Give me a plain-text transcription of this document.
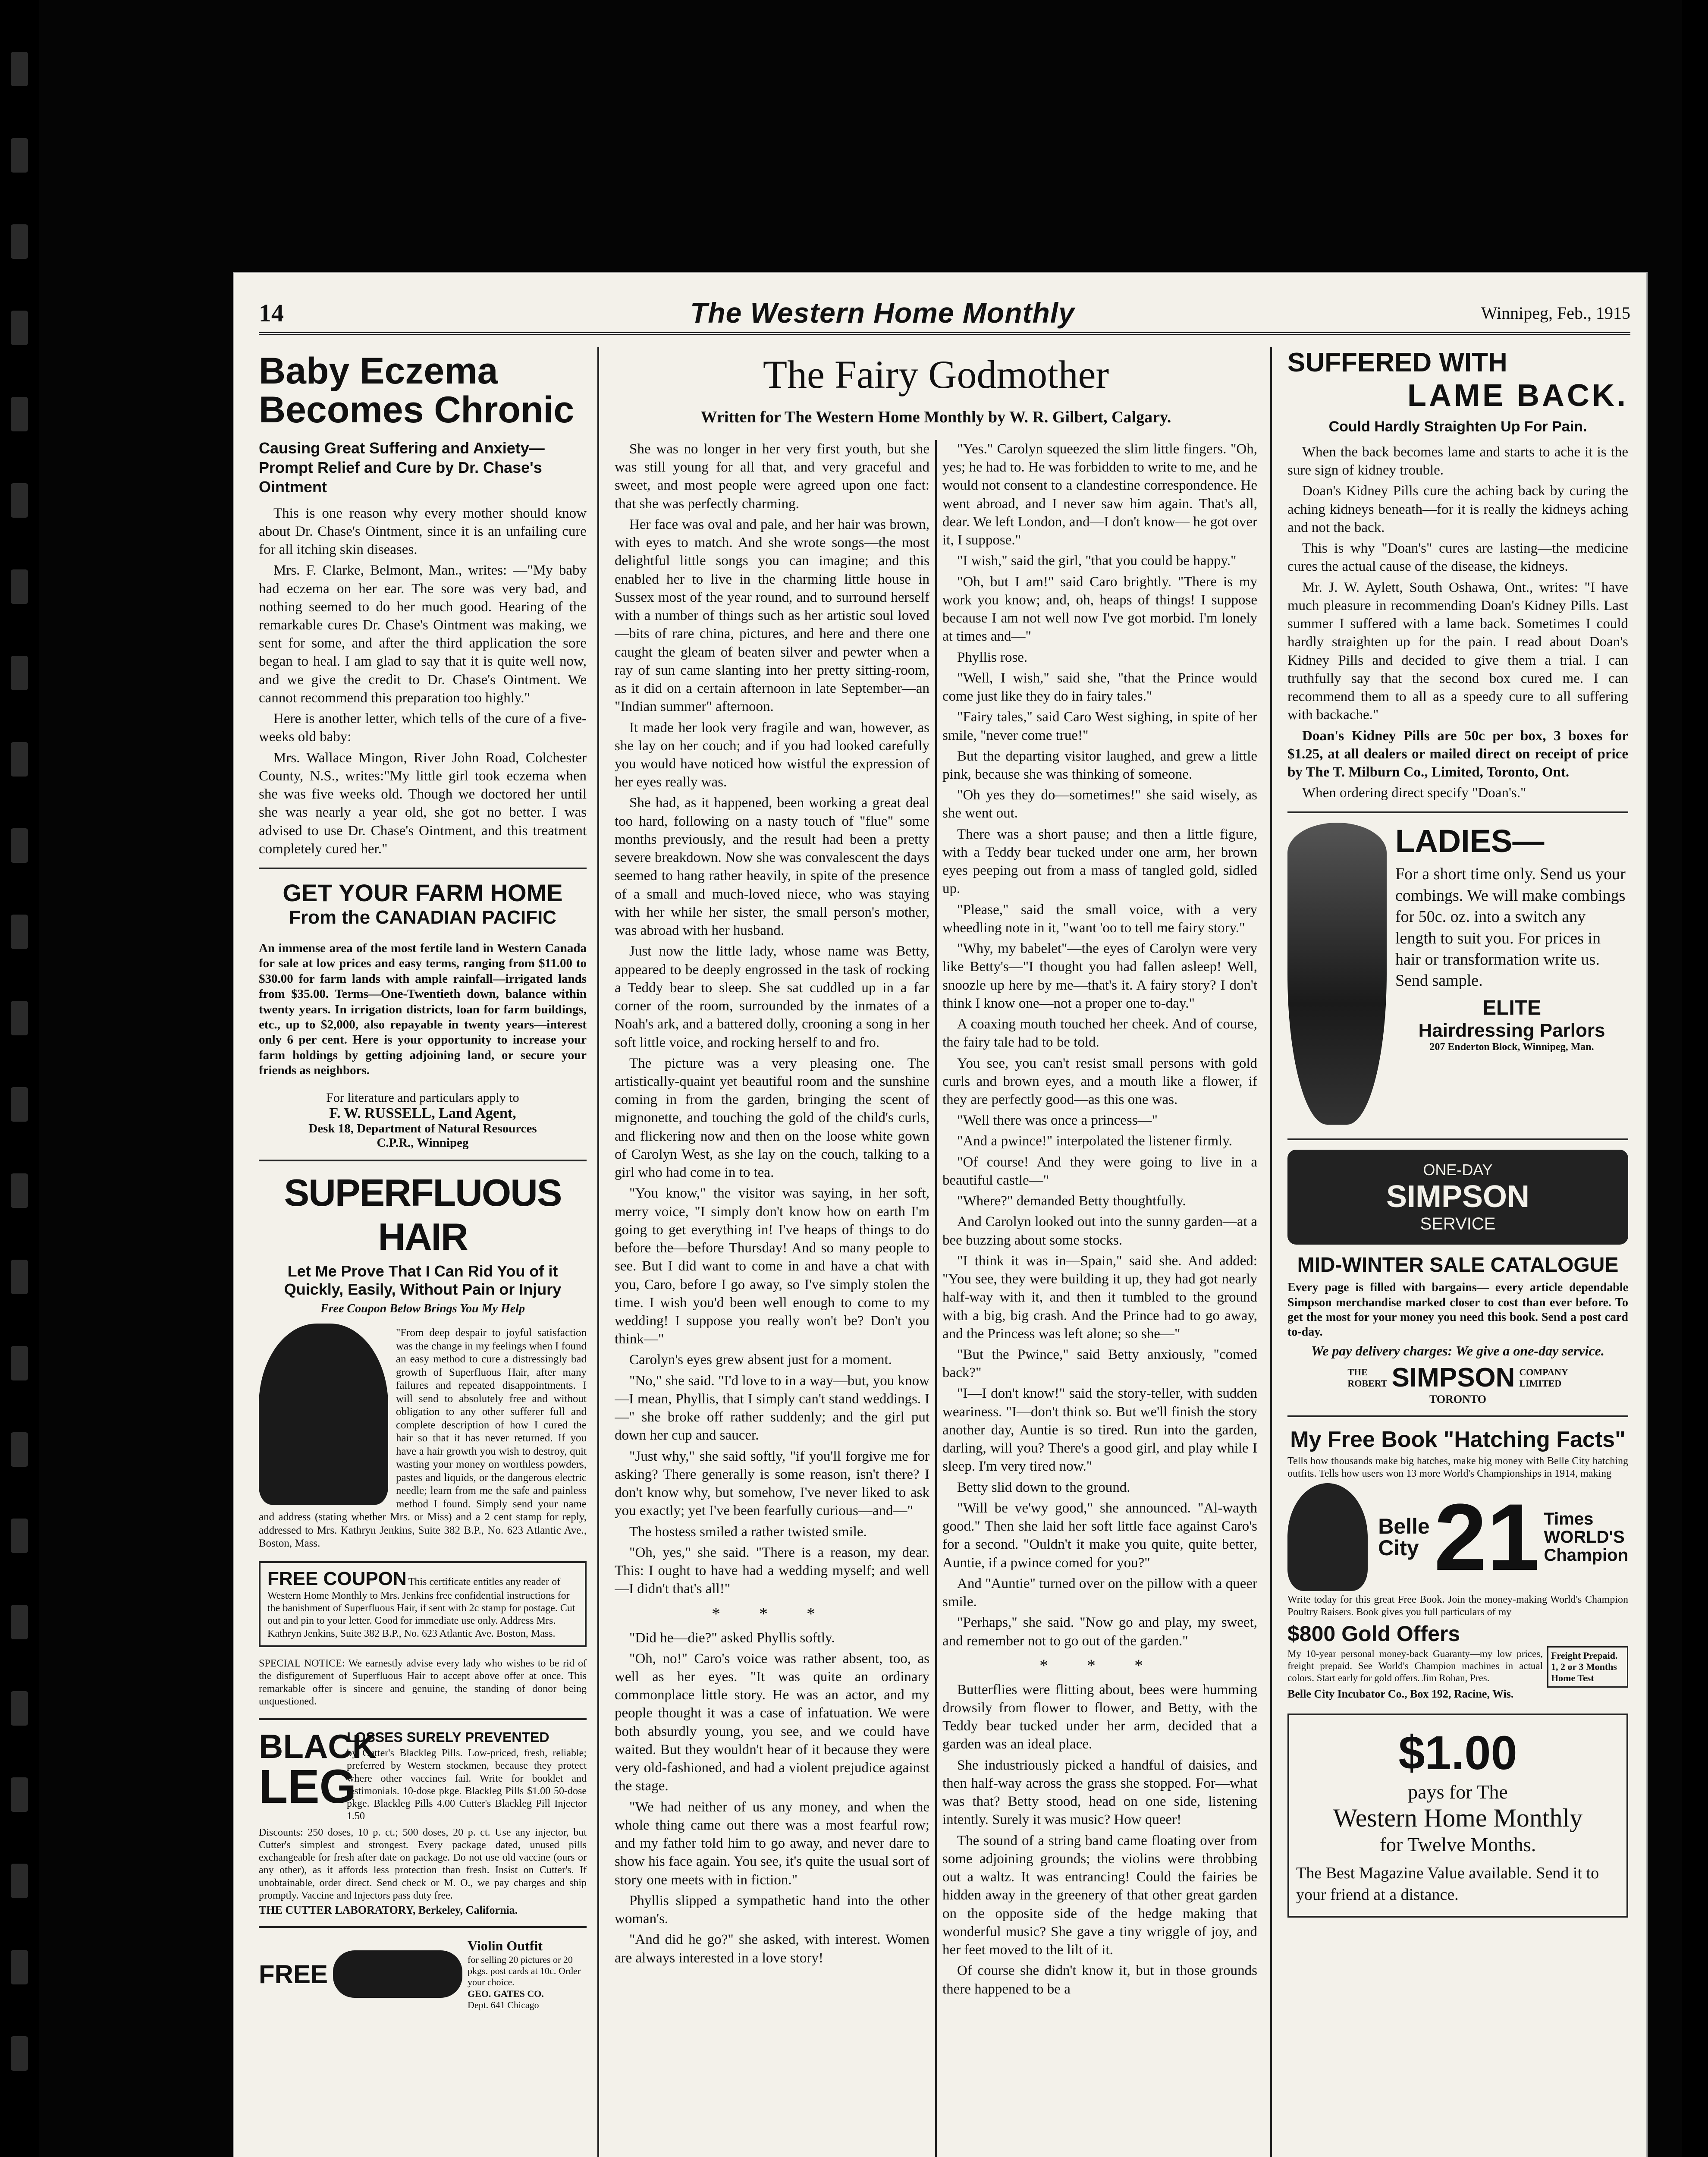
14	The Western Home Monthly	Winnipeg, Feb., 1915
Baby Eczema Becomes Chronic
Causing Great Suffering and Anxiety—Prompt Relief and Cure by Dr. Chase's Ointment

This is one reason why every mother should know about Dr. Chase's Ointment, since it is an unfailing cure for all itching skin diseases.

Mrs. F. Clarke, Belmont, Man., writes: —"My baby had eczema on her ear. The sore was very bad, and nothing seemed to do her much good. Hearing of the remarkable cures Dr. Chase's Ointment was making, we sent for some, and after the third application the sore began to heal. I am glad to say that it is quite well now, and we give the credit to Dr. Chase's Ointment. We cannot recommend this preparation too highly."

Here is another letter, which tells of the cure of a five-weeks old baby:

Mrs. Wallace Mingon, River John Road, Colchester County, N.S., writes:"My little girl took eczema when she was five weeks old. Though we doctored her until she was nearly a year old, she got no better. I was advised to use Dr. Chase's Ointment, and this treatment completely cured her."

GET YOUR FARM HOME
From the CANADIAN PACIFIC

An immense area of the most fertile land in Western Canada for sale at low prices and easy terms, ranging from $11.00 to $30.00 for farm lands with ample rainfall—irrigated lands from $35.00. Terms—One-Twentieth down, balance within twenty years. In irrigation districts, loan for farm buildings, etc., up to $2,000, also repayable in twenty years—interest only 6 per cent. Here is your opportunity to increase your farm holdings by getting adjoining land, or secure your friends as neighbors.

For literature and particulars apply to
F. W. RUSSELL, Land Agent,
Desk 18, Department of Natural Resources
C.P.R., Winnipeg
SUPERFLUOUS HAIR
Let Me Prove That I Can Rid You of it Quickly, Easily, Without Pain or Injury
Free Coupon Below Brings You My Help

"From deep despair to joyful satisfaction was the change in my feelings when I found an easy method to cure a distressingly bad growth of Superfluous Hair, after many failures and repeated disappointments. I will send to absolutely free and without obligation to any other sufferer full and complete description of how I cured the hair so that it has never returned. If you have a hair growth you wish to destroy, quit wasting your money on worthless powders, pastes and liquids, or the dangerous electric needle; learn from me the safe and painless method I found. Simply send your name and address (stating whether Mrs. or Miss) and a 2 cent stamp for reply, addressed to Mrs. Kathryn Jenkins, Suite 382 B.P., No. 623 Atlantic Ave., Boston, Mass.

FREE COUPON This certificate entitles any reader of Western Home Monthly to Mrs. Jenkins free confidential instructions for the banishment of Superfluous Hair, if sent with 2c stamp for postage. Cut out and pin to your letter. Good for immediate use only. Address Mrs. Kathryn Jenkins, Suite 382 B.P., No. 623 Atlantic Ave. Boston, Mass.

SPECIAL NOTICE: We earnestly advise every lady who wishes to be rid of the disfigurement of Superfluous Hair to accept above offer at once. This remarkable offer is sincere and genuine, the standing of donor being unquestioned.

BLACK
LEG
LOSSES SURELY PREVENTED

by Cutter's Blackleg Pills. Low-priced, fresh, reliable; preferred by Western stockmen, because they protect where other vaccines fail. Write for booklet and testimonials. 10-dose pkge. Blackleg Pills $1.00 50-dose pkge. Blackleg Pills 4.00 Cutter's Blackleg Pill Injector 1.50

Discounts: 250 doses, 10 p. ct.; 500 doses, 20 p. ct. Use any injector, but Cutter's simplest and strongest. Every package dated, unused pills exchangeable for fresh after date on package. Do not use old vaccine (ours or any other), as it affords less protection than fresh. Insist on Cutter's. If unobtainable, order direct. Send check or M. O., we pay charges and ship promptly. Vaccine and Injectors pass duty free.

THE CUTTER LABORATORY, Berkeley, California.
FREE
Violin Outfit
for selling 20 pictures or 20 pkgs. post cards at 10c. Order your choice.
GEO. GATES CO.
Dept. 641 Chicago
The Fairy Godmother
Written for The Western Home Monthly by W. R. Gilbert, Calgary.

She was no longer in her very first youth, but she was still young for all that, and very graceful and sweet, and most people were agreed upon one fact: that she was perfectly charming.

Her face was oval and pale, and her hair was brown, with eyes to match. And she wrote songs—the most delightful little songs you can imagine; and this enabled her to live in the charming little house in Sussex most of the year round, and to surround herself with a number of things such as her artistic soul loved—bits of rare china, pictures, and here and there one caught the gleam of beaten silver and pewter when a ray of sun came slanting into her pretty sitting-room, as it did on a certain afternoon in late September—an "Indian summer" afternoon.

It made her look very fragile and wan, however, as she lay on her couch; and if you had looked carefully you would have noticed how wistful the expression of her eyes really was.

She had, as it happened, been working a great deal too hard, following on a nasty touch of "flue" some months previously, and the result had been a pretty severe breakdown. Now she was convalescent the days seemed to hang rather heavily, in spite of the presence of a small and much-loved niece, who was staying with her while her sister, the small person's mother, was abroad with her husband.

Just now the little lady, whose name was Betty, appeared to be deeply engrossed in the task of rocking a Teddy bear to sleep. She sat cuddled up in a far corner of the room, surrounded by the inmates of a Noah's ark, and a battered dolly, crooning a song in her soft little voice, and rocking herself to and fro.

The picture was a very pleasing one. The artistically-quaint yet beautiful room and the sunshine coming in from the garden, bringing the scent of mignonette, and touching the gold of the child's curls, and flickering now and then on the loose white gown of Carolyn West, as she lay on the couch, talking to a girl who had come in to tea.

"You know," the visitor was saying, in her soft, merry voice, "I simply don't know how on earth I'm going to get everything in! I've heaps of things to do before the—before Thursday! And so many people to see. But I did want to come in and have a chat with you, Caro, before I go away, so I've simply stolen the time. I wish you'd been well enough to come to my wedding! I suppose you really won't be? Don't you think—"

Carolyn's eyes grew absent just for a moment.

"No," she said. "I'd love to in a way—but, you know—I mean, Phyllis, that I simply can't stand weddings. I—" she broke off rather suddenly; and the girl put down her cup and saucer.

"Just why," she said softly, "if you'll forgive me for asking? There generally is some reason, isn't there? I don't know why, but somehow, I've never liked to ask you exactly; yet I've been fearfully curious—and—"

The hostess smiled a rather twisted smile.

"Oh, yes," she said. "There is a reason, my dear. This: I ought to have had a wedding myself; and well—I didn't that's all!"

* * *

"Did he—die?" asked Phyllis softly.

"Oh, no!" Caro's voice was rather absent, too, as well as her eyes. "It was quite an ordinary commonplace little story. He was an actor, and my people thought it was a case of infatuation. We were both absurdly young, you see, and we could have waited. But they wouldn't hear of it because they were very old-fashioned, and had a violent prejudice against the stage.

"We had neither of us any money, and when the whole thing came out there was a most fearful row; and my father told him to go away, and never dare to show his face again. You see, it's quite the usual sort of story one meets with in fiction."

Phyllis slipped a sympathetic hand into the other woman's.

"And did he go?" she asked, with interest. Women are always interested in a love story!

"Yes." Carolyn squeezed the slim little fingers. "Oh, yes; he had to. He was forbidden to write to me, and he would not consent to a clandestine correspondence. He went abroad, and I never saw him again. That's all, dear. We left London, and—I don't know— he got over it, I suppose."

"I wish," said the girl, "that you could be happy."

"Oh, but I am!" said Caro brightly. "There is my work you know; and, oh, heaps of things! I suppose because I am not well now I've got morbid. I'm lonely at times and—"

Phyllis rose.

"Well, I wish," said she, "that the Prince would come just like they do in fairy tales."

"Fairy tales," said Caro West sighing, in spite of her smile, "never come true!"

But the departing visitor laughed, and grew a little pink, because she was thinking of someone.

"Oh yes they do—sometimes!" she said wisely, as she went out.

There was a short pause; and then a little figure, with a Teddy bear tucked under one arm, her brown eyes peeping out from a mass of tangled gold, sidled up.

"Please," said the small voice, with a very wheedling note in it, "want 'oo to tell me fairy story."

"Why, my babelet"—the eyes of Carolyn were very like Betty's—"I thought you had fallen asleep! Well, snoozle up here by me—that's it. A fairy story? I don't think I know one—not a proper one to-day."

A coaxing mouth touched her cheek. And of course, the fairy tale had to be told.

You see, you can't resist small persons with gold curls and brown eyes, and a mouth like a flower, if they are perfectly good—as this one was.

"Well there was once a princess—"

"And a pwince!" interpolated the listener firmly.

"Of course! And they were going to live in a beautiful castle—"

"Where?" demanded Betty thoughtfully.

And Carolyn looked out into the sunny garden—at a bee buzzing about some stocks.

"I think it was in—Spain," said she. And added: "You see, they were building it up, they had got nearly half-way with it, and then it tumbled to the ground with a big, big crash. And the Prince had to go away, and the Princess was left alone; so she—"

"But the Pwince," said Betty anxiously, "comed back?"

"I—I don't know!" said the story-teller, with sudden weariness. "I—don't think so. But we'll finish the story another day, Auntie is so tired. Run into the garden, darling, will you? There's a good girl, and play while I sleep. I'm very tired now."

Betty slid down to the ground.

"Will be ve'wy good," she announced. "Al-wayth good." Then she laid her soft little face against Caro's for a second. "Ouldn't it make you quite, quite better, Auntie, if a pwince comed for you?"

And "Auntie" turned over on the pillow with a queer smile.

"Perhaps," she said. "Now go and play, my sweet, and remember not to go out of the garden."

* * *

Butterflies were flitting about, bees were humming drowsily from flower to flower, and Betty, with the Teddy bear tucked under her arm, decided that a garden was an ideal place.

She industriously picked a handful of daisies, and then half-way across the grass she stopped. For—what was that? Betty stood, head on one side, listening intently. Surely it was music? How queer!

The sound of a string band came floating over from some adjoining grounds; the violins were throbbing out a waltz. It was entrancing! Could the fairies be hidden away in the greenery of that other great garden on the opposite side of the hedge making that wonderful music? She gave a tiny wriggle of joy, and her feet moved to the lilt of it.

Of course she didn't know it, but in those grounds there happened to be a

SUFFERED WITH
LAME BACK.
Could Hardly Straighten Up For Pain.

When the back becomes lame and starts to ache it is the sure sign of kidney trouble.

Doan's Kidney Pills cure the aching back by curing the aching kidneys beneath—for it is really the kidneys aching and not the back.

This is why "Doan's" cures are lasting—the medicine cures the actual cause of the disease, the kidneys.

Mr. J. W. Aylett, South Oshawa, Ont., writes: "I have much pleasure in recommending Doan's Kidney Pills. Last summer I suffered with a lame back. Sometimes I could hardly straighten up for the pain. I read about Doan's Kidney Pills and decided to give them a trial. I can truthfully say that the second box cured me. I can recommend them to all as a speedy cure to all suffering with backache."

Doan's Kidney Pills are 50c per box, 3 boxes for $1.25, at all dealers or mailed direct on receipt of price by The T. Milburn Co., Limited, Toronto, Ont.

When ordering direct specify "Doan's."

LADIES—

For a short time only. Send us your combings. We will make combings for 50c. oz. into a switch any length to suit you. For prices in hair or transformation write us. Send sample.

ELITE
Hairdressing Parlors
207 Enderton Block, Winnipeg, Man.
ONE-DAY
SIMPSON
SERVICE
MID-WINTER SALE CATALOGUE

Every page is filled with bargains— every article dependable Simpson merchandise marked closer to cost than ever before. To get the most for your money you need this book. Send a post card to-day.

We pay delivery charges: We give a one-day service.
THE
ROBERT SIMPSON COMPANY
LIMITED
TORONTO
My Free Book "Hatching Facts"

Tells how thousands make big hatches, make big money with Belle City hatching outfits. Tells how users won 13 more World's Championships in 1914, making

Belle
City 21 Times
WORLD'S
Champion

Write today for this great Free Book. Join the money-making World's Champion Poultry Raisers. Book gives you full particulars of my

$800 Gold Offers

My 10-year personal money-back Guaranty—my low prices, freight prepaid. See World's Champion machines in actual colors. Start early for gold offers. Jim Rohan, Pres.

Freight Prepaid. 1, 2 or 3 Months Home Test
Belle City Incubator Co., Box 192, Racine, Wis.
$1.00
pays for The
Western Home Monthly
for Twelve Months.

The Best Magazine Value available. Send it to your friend at a distance.
